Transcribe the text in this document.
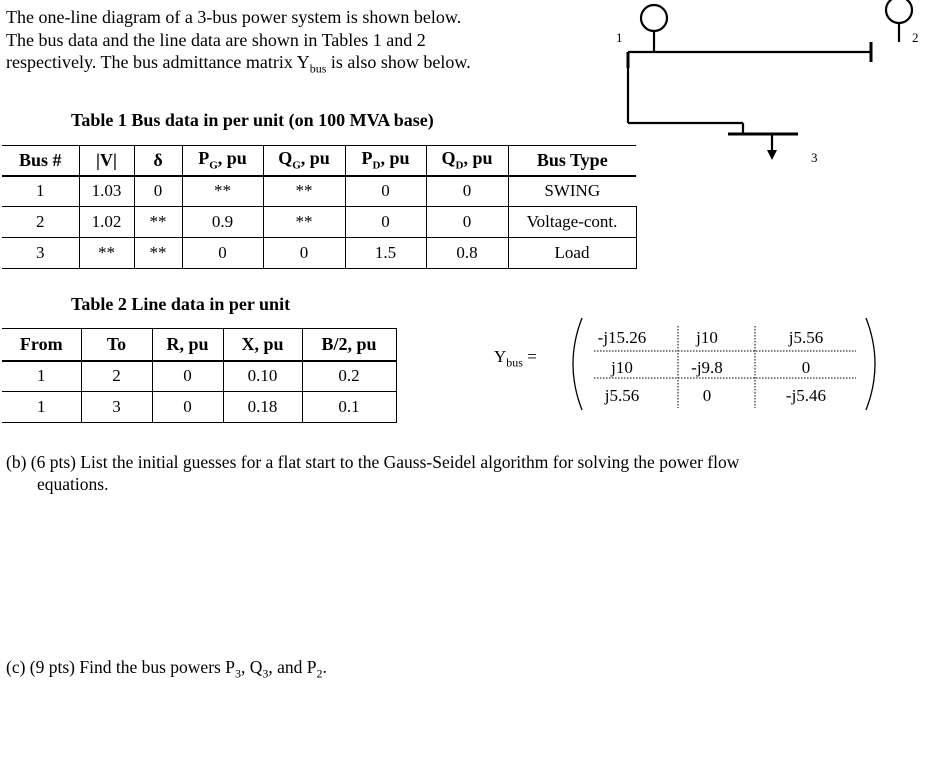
The one-line diagram of a 3-bus power system is shown below.
The bus data and the line data are shown in Tables 1 and 2
respectively. The bus admittance matrix $Y_{bus}$ is also show below.
1	2
3
Table 1 Bus data in per unit (on 100 MVA base)
Bus #	|V|	δ	$P_G$, pu	$Q_G$, pu	$P_D$, pu	$Q_D$, pu	Bus Type
1	1.03	0	**	**	0	0	SWING
2	1.02	**	0.9	**	0	0	Voltage-cont.
3	**	**	0	0	1.5	0.8	Load
Table 2 Line data in per unit
From	To	R, pu	X, pu	B/2, pu
1	2	0	0.10	0.2
1	3	0	0.18	0.1
$Y_{bus}$ =
-j15.26	j10	j5.56
j10	-j9.8	0
j5.56	0	-j5.46
(b) (6 pts) List the initial guesses for a flat start to the Gauss-Seidel algorithm for solving the power flow
equations.
(c) (9 pts) Find the bus powers $P_3$, $Q_3$, and $P_2$.
